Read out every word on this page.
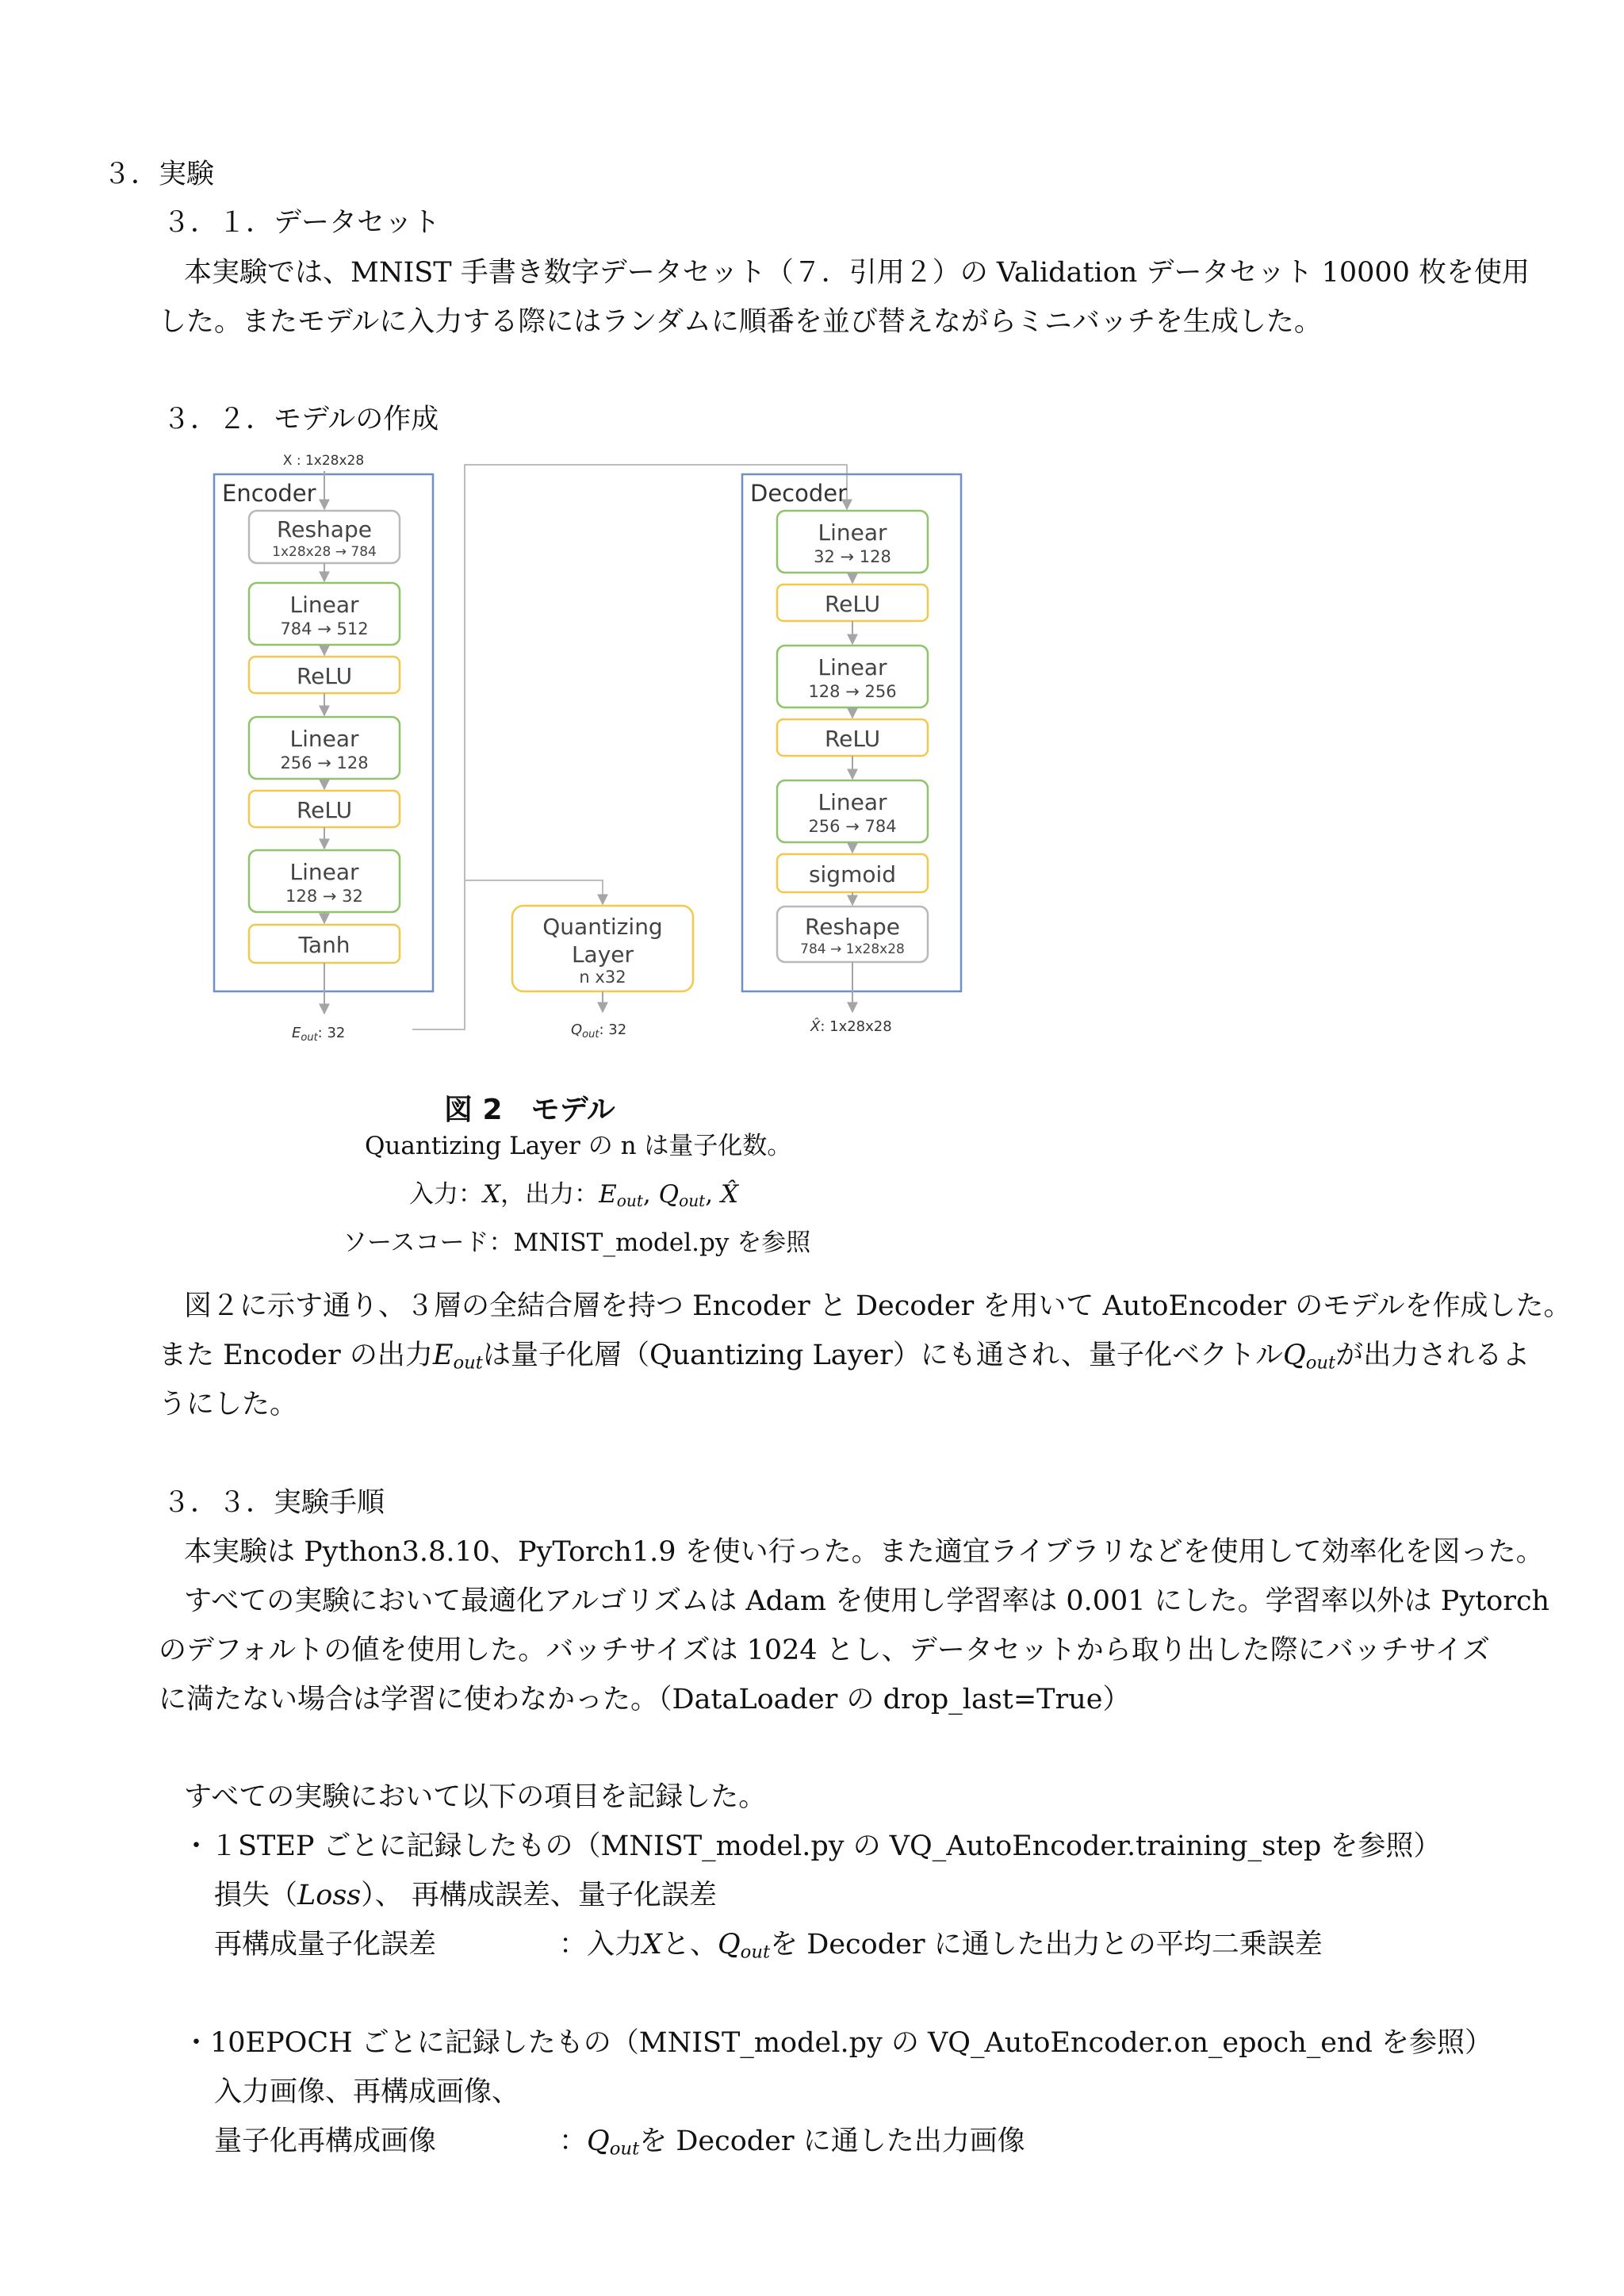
３．実験
３．１．データセット
本実験では、MNIST 手書き数字データセット（７．引用２）の Validation データセット 10000 枚を使用
した。またモデルに入力する際にはランダムに順番を並び替えながらミニバッチを生成した。
３．２．モデルの作成
X : 1x28x28
Encoder
Reshape
1x28x28 → 784
Linear
784 → 512
ReLU
Linear
256 → 128
ReLU
Linear
128 → 32
Tanh
Quantizing
Layer
n x32
Decoder
Linear
32 → 128
ReLU
Linear
128 → 256
ReLU
Linear
256 → 784
sigmoid
Reshape
784 → 1x28x28
$E_{out}$: 32	$Q_{out}$: 32	X̂: 1x28x28
図 2　モデル
Quantizing Layer の n は量子化数。
入力：X，出力：$E_{out}$, $Q_{out}$, X̂
ソースコード：MNIST_model.py を参照
図２に示す通り、３層の全結合層を持つ Encoder と Decoder を用いて AutoEncoder のモデルを作成した。
また Encoder の出力$E_{out}$は量子化層（Quantizing Layer）にも通され、量子化ベクトル$Q_{out}$が出力されるよ
うにした。
３．３．実験手順
本実験は Python3.8.10、PyTorch1.9 を使い行った。また適宜ライブラリなどを使用して効率化を図った。
すべての実験において最適化アルゴリズムは Adam を使用し学習率は 0.001 にした。学習率以外は Pytorch
のデフォルトの値を使用した。バッチサイズは 1024 とし、データセットから取り出した際にバッチサイズ
に満たない場合は学習に使わなかった。（DataLoader の drop_last=True）
すべての実験において以下の項目を記録した。
・１STEP ごとに記録したもの（MNIST_model.py の VQ_AutoEncoder.training_step を参照）
損失（Loss）、 再構成誤差、量子化誤差
再構成量子化誤差	：入力Xと、$Q_{out}$を Decoder に通した出力との平均二乗誤差
・10EPOCH ごとに記録したもの（MNIST_model.py の VQ_AutoEncoder.on_epoch_end を参照）
入力画像、再構成画像、
量子化再構成画像	：$Q_{out}$を Decoder に通した出力画像
